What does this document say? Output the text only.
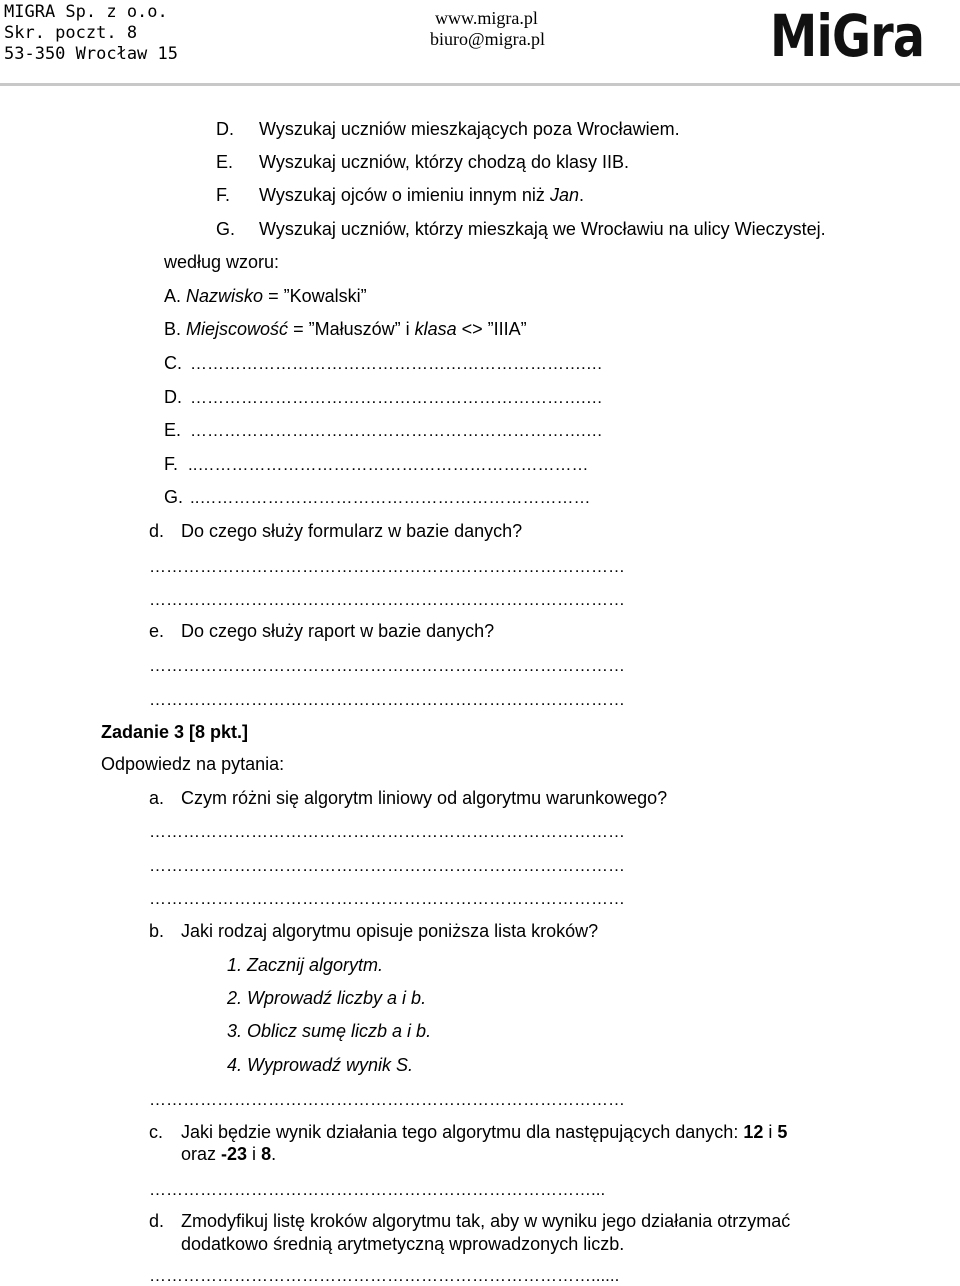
MIGRA Sp. z o.o.
Skr. poczt. 8
53-350 Wrocław 15
www.migra.pl
biuro@migra.pl	MiGra
D. Wyszukaj uczniów mieszkających poza Wrocławiem.
E. Wyszukaj uczniów, którzy chodzą do klasy IIB.
F. Wyszukaj ojców o imieniu innym niż Jan.
G. Wyszukaj uczniów, którzy mieszkają we Wrocławiu na ulicy Wieczystej.
według wzoru:
A. Nazwisko = ”Kowalski”
B. Miejscowość = ”Małuszów” i klasa <> ”IIIA”
C. …………………………………………………………….…
D. …………………………………………………………….…
E. …………………………………………………………….…
F. ..……………………………………………………………
G. ..……………………………………………………………
d. Do czego służy formularz w bazie danych?
…………………………………………………………………………
…………………………………………………………………………
e. Do czego służy raport w bazie danych?
…………………………………………………………………………
…………………………………………………………………………
Zadanie 3 [8 pkt.]
Odpowiedz na pytania:
a. Czym różni się algorytm liniowy od algorytmu warunkowego?
…………………………………………………………………………
…………………………………………………………………………
…………………………………………………………………………
b. Jaki rodzaj algorytmu opisuje poniższa lista kroków?
1. Zacznij algorytm.
2. Wprowadź liczby a i b.
3. Oblicz sumę liczb a i b.
4. Wyprowadź wynik S.
…………………………………………………………………………
c. Jaki będzie wynik działania tego algorytmu dla następujących danych: 12 i 5
oraz -23 i 8.
……………………………………………………………………...
d. Zmodyfikuj listę kroków algorytmu tak, aby w wyniku jego działania otrzymać
dodatkowo średnią arytmetyczną wprowadzonych liczb.
……………………………………………………………………......
